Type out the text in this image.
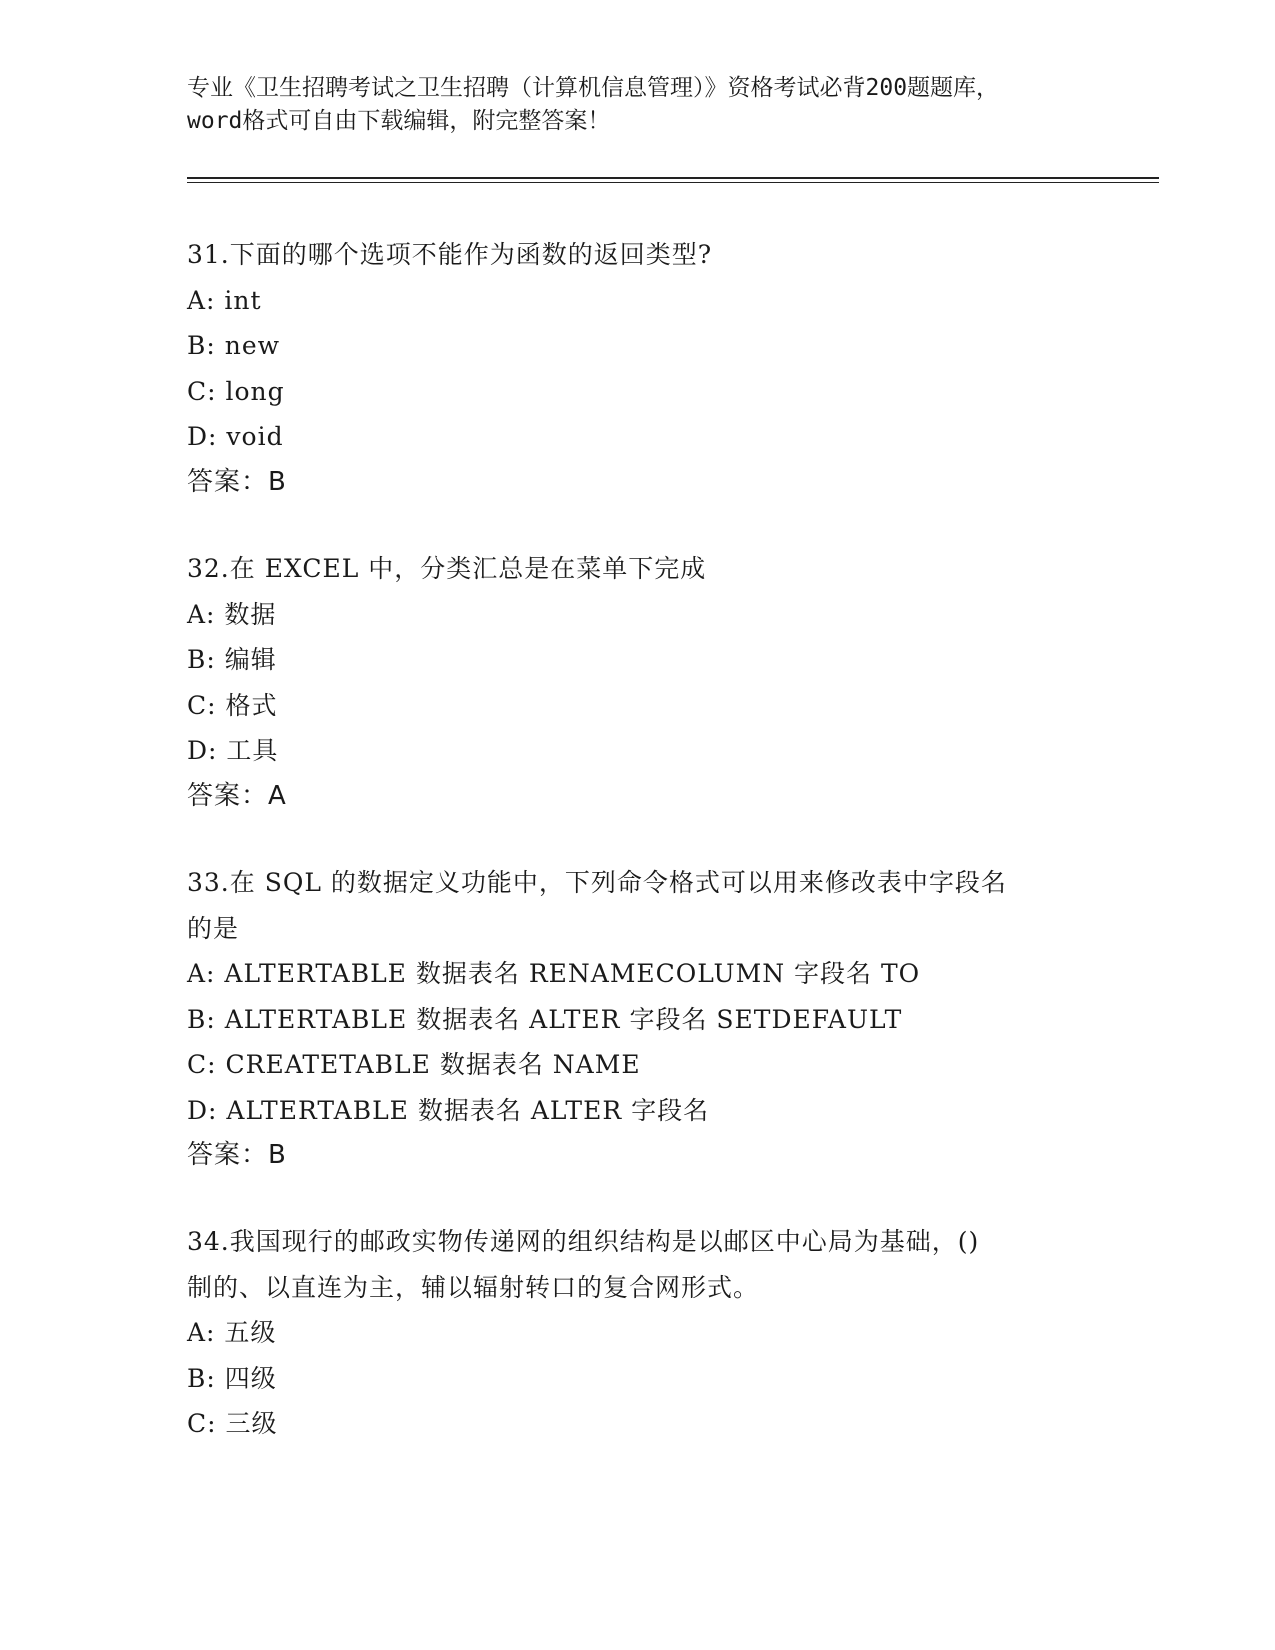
专业《卫生招聘考试之卫生招聘（计算机信息管理）》资格考试必背200题题库，
word格式可自由下载编辑，附完整答案！
31.下面的哪个选项不能作为函数的返回类型?
A: int
B: new
C: long
D: void
答案：B
32.在 EXCEL 中，分类汇总是在菜单下完成
A: 数据
B: 编辑
C: 格式
D: 工具
答案：A
33.在 SQL 的数据定义功能中，下列命令格式可以用来修改表中字段名
的是
A: ALTERTABLE 数据表名 RENAMECOLUMN 字段名 TO
B: ALTERTABLE 数据表名 ALTER 字段名 SETDEFAULT
C: CREATETABLE 数据表名 NAME
D: ALTERTABLE 数据表名 ALTER 字段名
答案：B
34.我国现行的邮政实物传递网的组织结构是以邮区中心局为基础，()
制的、以直连为主，辅以辐射转口的复合网形式。
A: 五级
B: 四级
C: 三级
